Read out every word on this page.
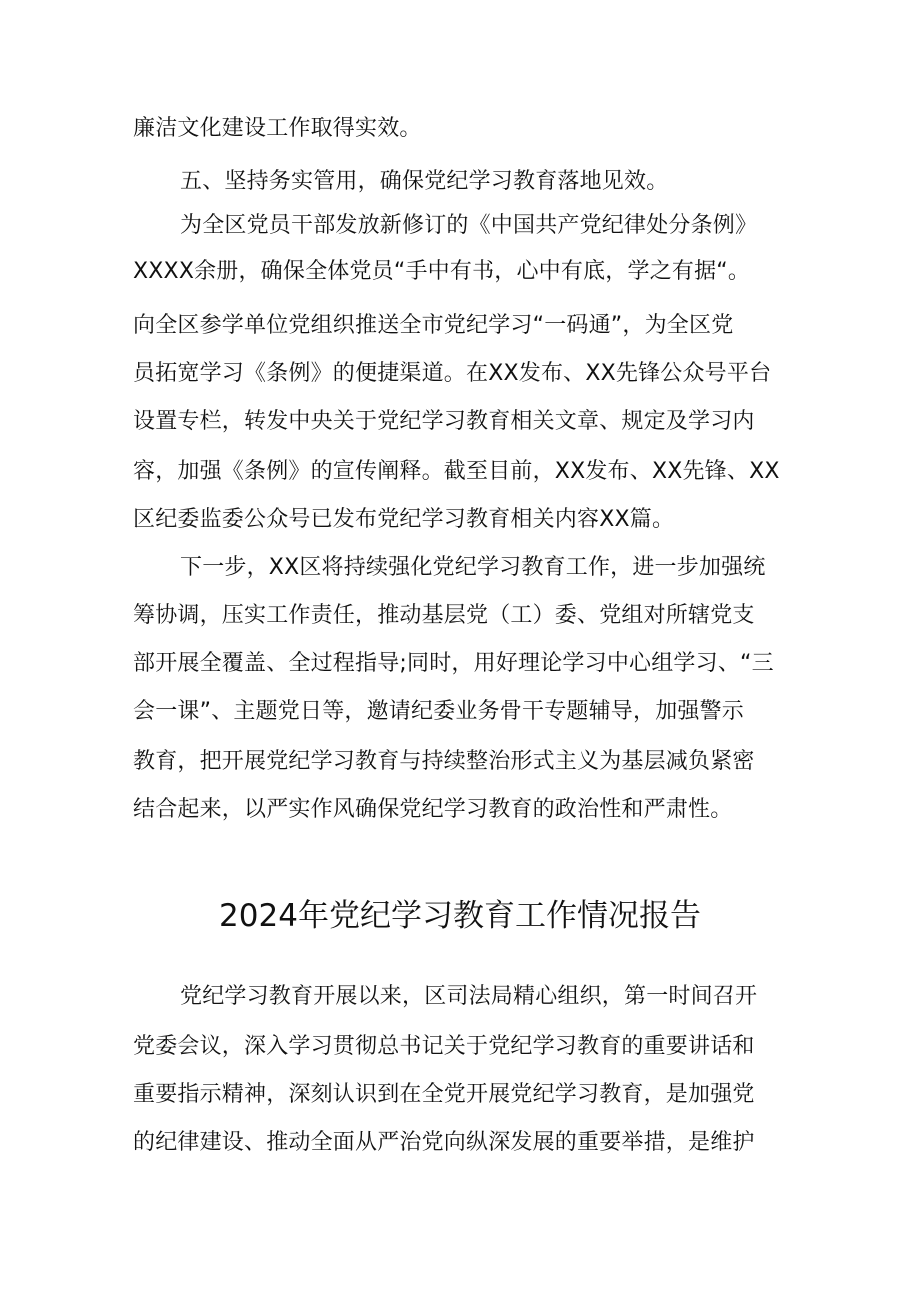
廉洁文化建设工作取得实效。
五、坚持务实管用，确保党纪学习教育落地见效。
为全区党员干部发放新修订的《中国共产党纪律处分条例》
XXXX余册，确保全体党员“手中有书，心中有底，学之有据“。
向全区参学单位党组织推送全市党纪学习“一码通”，为全区党
员拓宽学习《条例》的便捷渠道。在XX发布、XX先锋公众号平台
设置专栏，转发中央关于党纪学习教育相关文章、规定及学习内
容，加强《条例》的宣传阐释。截至目前，XX发布、XX先锋、XX
区纪委监委公众号已发布党纪学习教育相关内容XX篇。
下一步，XX区将持续强化党纪学习教育工作，进一步加强统
筹协调，压实工作责任，推动基层党（工）委、党组对所辖党支
部开展全覆盖、全过程指导;同时，用好理论学习中心组学习、“三
会一课”、主题党日等，邀请纪委业务骨干专题辅导，加强警示
教育，把开展党纪学习教育与持续整治形式主义为基层减负紧密
结合起来，以严实作风确保党纪学习教育的政治性和严肃性。
2024年党纪学习教育工作情况报告
党纪学习教育开展以来，区司法局精心组织，第一时间召开
党委会议，深入学习贯彻总书记关于党纪学习教育的重要讲话和
重要指示精神，深刻认识到在全党开展党纪学习教育，是加强党
的纪律建设、推动全面从严治党向纵深发展的重要举措，是维护
